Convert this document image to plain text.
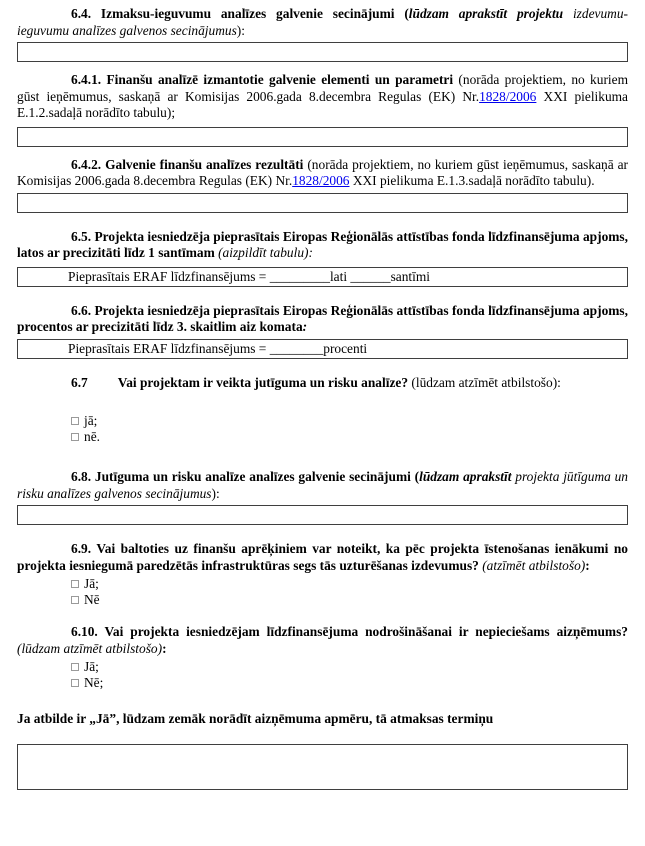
6.4. Izmaksu-ieguvumu analīzes galvenie secinājumi (lūdzam aprakstīt projektu izdevumu-ieguvumu analīzes galvenos secinājumus):

6.4.1. Finanšu analīzē izmantotie galvenie elementi un parametri (norāda projektiem, no kuriem gūst ieņēmumus, saskaņā ar Komisijas 2006.gada 8.decembra Regulas (EK) Nr.1828/2006 XXI pielikuma E.1.2.sadaļā norādīto tabulu);

6.4.2. Galvenie finanšu analīzes rezultāti (norāda projektiem, no kuriem gūst ieņēmumus, saskaņā ar Komisijas 2006.gada 8.decembra Regulas (EK) Nr.1828/2006 XXI pielikuma E.1.3.sadaļā norādīto tabulu).

6.5. Projekta iesniedzēja pieprasītais Eiropas Reģionālās attīstības fonda līdzfinansējuma apjoms, latos ar precizitāti līdz 1 santīmam (aizpildīt tabulu):

Pieprasītais ERAF līdzfinansējums = _________lati ______santīmi

6.6. Projekta iesniedzēja pieprasītais Eiropas Reģionālās attīstības fonda līdzfinansējuma apjoms, procentos ar precizitāti līdz 3. skaitlim aiz komata:

Pieprasītais ERAF līdzfinansējums = ________procenti

6.7 Vai projektam ir veikta jutīguma un risku analīze? (lūdzam atzīmēt atbilstošo):

jā;
nē.

6.8. Jutīguma un risku analīze analīzes galvenie secinājumi (lūdzam aprakstīt projekta jūtīguma un risku analīzes galvenos secinājumus):

6.9. Vai baltoties uz finanšu aprēķiniem var noteikt, ka pēc projekta īstenošanas ienākumi no projekta iesniegumā paredzētās infrastruktūras segs tās uzturēšanas izdevumus? (atzīmēt atbilstošo):

Jā;
Nē

6.10. Vai projekta iesniedzējam līdzfinansējuma nodrošināšanai ir nepieciešams aizņēmums? (lūdzam atzīmēt atbilstošo):

Jā;
Nē;

Ja atbilde ir „Jā”, lūdzam zemāk norādīt aizņēmuma apmēru, tā atmaksas termiņu
